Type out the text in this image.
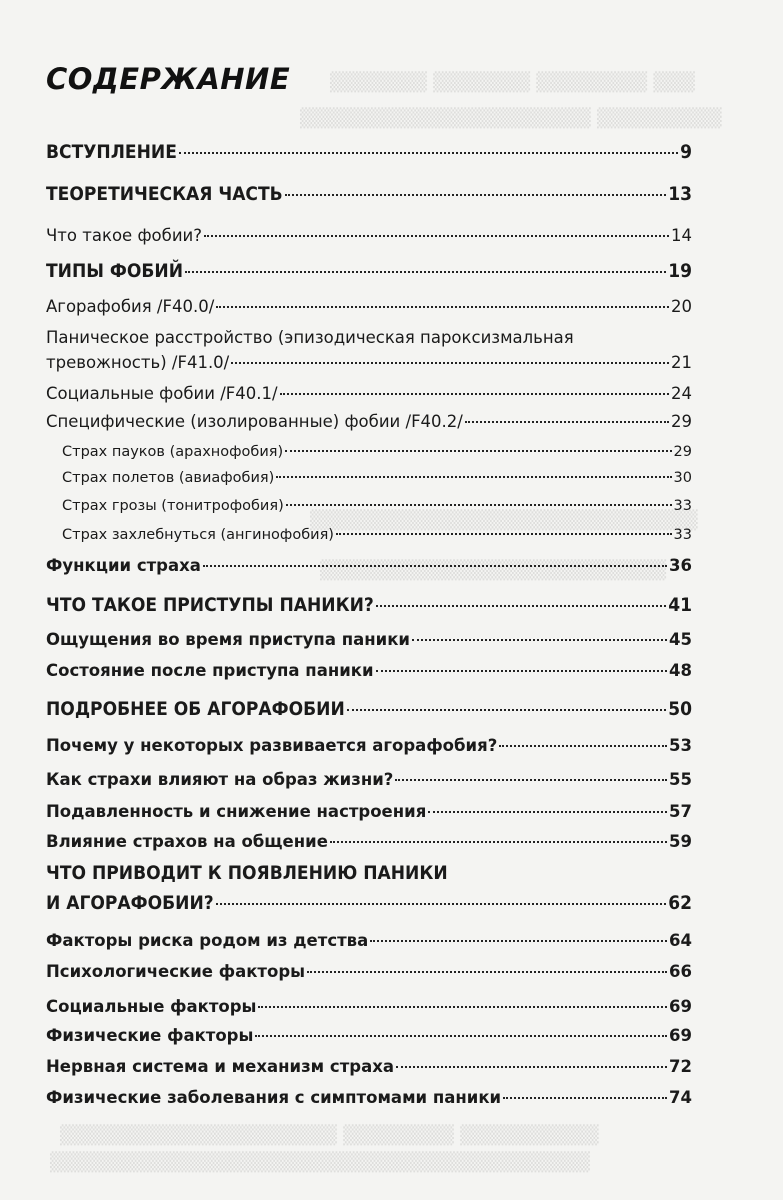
▒▒▒ ▒▒▒▒▒▒▒▒ ▒▒▒▒▒▒▒ ▒▒▒▒▒▒▒
▒▒▒▒▒▒▒▒▒ ▒▒▒▒▒▒▒▒▒▒▒▒▒▒▒▒▒▒▒▒▒
▒▒▒▒▒▒▒▒▒▒▒▒▒▒▒▒▒▒▒▒▒▒▒▒▒▒▒▒
▒▒▒▒▒▒▒▒▒▒▒▒▒▒▒▒▒▒▒▒▒▒▒▒▒
▒▒▒▒▒▒▒▒▒▒ ▒▒▒▒▒▒▒▒ ▒▒▒▒▒▒▒▒▒▒▒▒▒▒▒▒▒▒▒▒
▒▒▒▒▒▒▒▒▒▒▒▒▒▒▒▒▒▒▒▒▒▒▒▒▒▒▒▒▒▒▒▒▒▒▒▒▒▒▒
СОДЕРЖАНИЕ
ВСТУПЛЕНИЕ	9
ТЕОРЕТИЧЕСКАЯ ЧАСТЬ	13
Что такое фобии?	14
ТИПЫ ФОБИЙ	19
Агорафобия /F40.0/	20
Паническое расстройство (эпизодическая пароксизмальная
тревожность) /F41.0/	21
Социальные фобии /F40.1/	24
Специфические (изолированные) фобии /F40.2/	29
Страх пауков (арахнофобия)	29
Страх полетов (авиафобия)	30
Страх грозы (тонитрофобия)	33
Страх захлебнуться (ангинофобия)	33
Функции страха	36
ЧТО ТАКОЕ ПРИСТУПЫ ПАНИКИ?	41
Ощущения во время приступа паники	45
Состояние после приступа паники	48
ПОДРОБНЕЕ ОБ АГОРАФОБИИ	50
Почему у некоторых развивается агорафобия?	53
Как страхи влияют на образ жизни?	55
Подавленность и снижение настроения	57
Влияние страхов на общение	59
ЧТО ПРИВОДИТ К ПОЯВЛЕНИЮ ПАНИКИ
И АГОРАФОБИИ?	62
Факторы риска родом из детства	64
Психологические факторы	66
Социальные факторы	69
Физические факторы	69
Нервная система и механизм страха	72
Физические заболевания с симптомами паники	74
